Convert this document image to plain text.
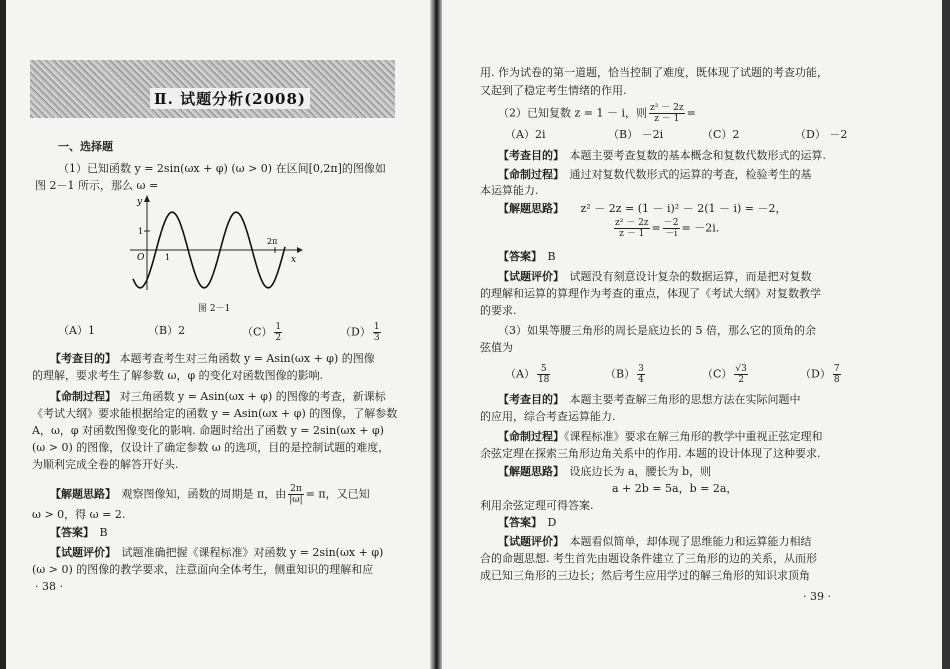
Ⅱ. 试题分析(2008)
一、选择题
（1）已知函数 y = 2sin(ωx + φ) (ω > 0) 在区间[0,2π]的图像如
图 2－1 所示，那么 ω =
y
x
O	1
1
2π
图 2－1
（A）1	（B）2	$(C) \frac{1}{2}$	$(D) \frac{1}{3}$
【考查目的】 本题考查考生对三角函数 y = Asin(ωx + φ) 的图像
的理解，要求考生了解参数 ω，φ 的变化对函数图像的影响.
【命制过程】 对三角函数 y = Asin(ωx + φ) 的图像的考查，新课标
《考试大纲》要求能根据给定的函数 y = Asin(ωx + φ) 的图像，了解参数
A，ω，φ 对函数图像变化的影响. 命题时给出了函数 y = 2sin(ωx + φ)
(ω > 0) 的图像，仅设计了确定参数 ω 的选项，目的是控制试题的难度，
为顺利完成全卷的解答开好头.
【解题思路】　 观察图像知，函数的周期是 π，由 $\frac{2\pi}{|\omega|} = \pi$，又已知
ω > 0，得 ω = 2.
【答案】　 B
【试题评价】　 试题准确把握《课程标准》对函数 y = 2sin(ωx + φ)
(ω > 0) 的图像的教学要求，注意面向全体考生，侧重知识的理解和应
· 38 ·
用. 作为试卷的第一道题，恰当控制了难度，既体现了试题的考查功能，
又起到了稳定考生情绪的作用.
（2）已知复数 z = 1 － i，则 $\frac{\text{z² － 2z}}{z - 1}$ =
（A）2i	（B） －2i	（C）2	（D） －2
【考查目的】　 本题主要考查复数的基本概念和复数代数形式的运算.
【命制过程】　 通过对复数代数形式的运算的考查，检验考生的基
本运算能力.
【解题思路】　　 z² － 2z = (1 － i)² － 2(1 － i) = －2，
$\frac{\text{z² － 2z}}{z - 1} = \frac{-2}{-i} = -2i$.
【答案】　 B
【试题评价】　 试题没有刻意设计复杂的数据运算，而是把对复数
的理解和运算的算理作为考查的重点，体现了《考试大纲》对复数教学
的要求.
（3）如果等腰三角形的周长是底边长的 5 倍，那么它的顶角的余
弦值为
$(A) \frac{5}{18}$	$(B) \frac{3}{4}$	$(C) \frac{√3}{2}$	$(D) \frac{7}{8}$
【考查目的】　 本题主要考查解三角形的思想方法在实际问题中
的应用，综合考查运算能力.
【命制过程】《课程标准》要求在解三角形的教学中重视正弦定理和
余弦定理在探索三角形边角关系中的作用. 本题的设计体现了这种要求.
【解题思路】　 设底边长为 a，腰长为 b，则
a + 2b = 5a，b = 2a，
利用余弦定理可得答案.
【答案】　 D
【试题评价】　 本题看似简单，却体现了思维能力和运算能力相结
合的命题思想. 考生首先由题设条件建立了三角形的边的关系，从而形
成已知三角形的三边长；然后考生应用学过的解三角形的知识求顶角
· 39 ·
